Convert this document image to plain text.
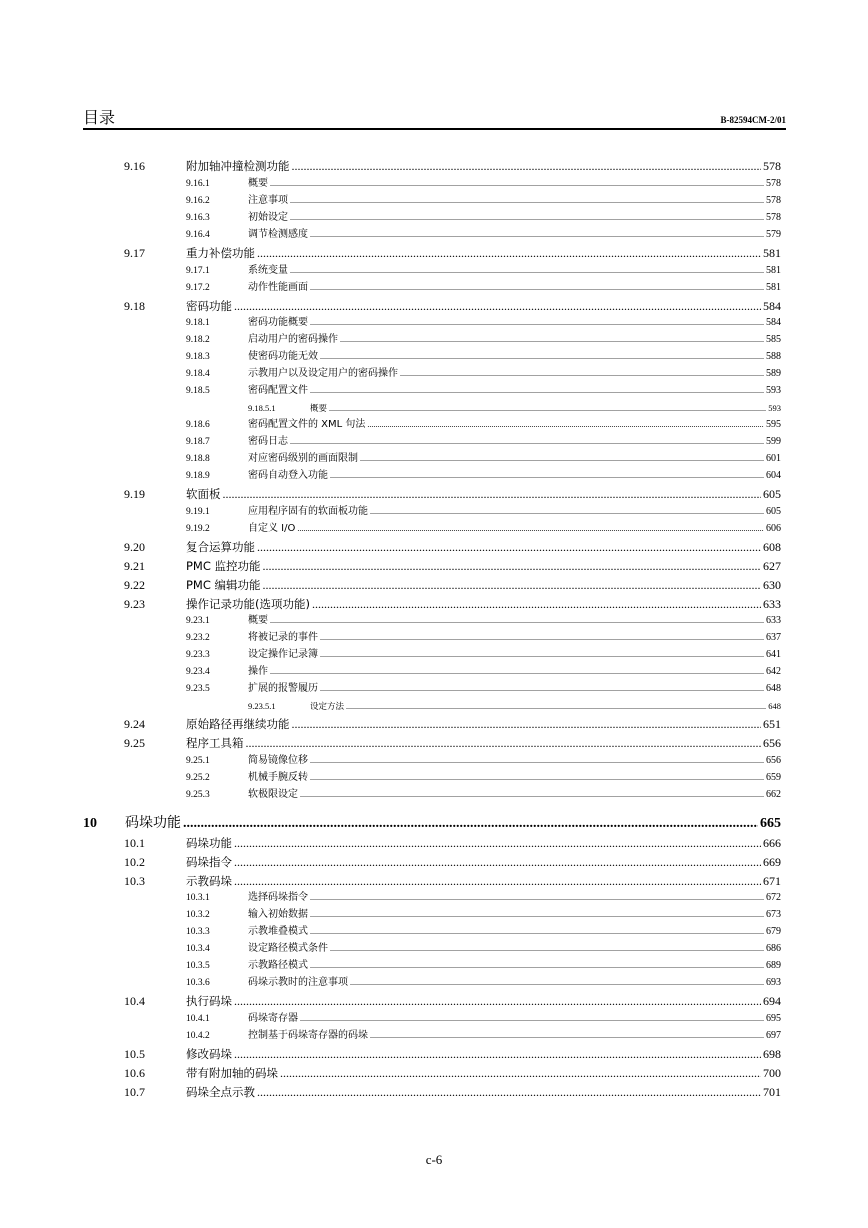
目录	B-82594CM-2/01
9.16	附加轴冲撞检测功能 .....	578
9.16.1	概要 .....	578
9.16.2	注意事项 .....	578
9.16.3	初始设定 .....	578
9.16.4	调节检测感度 .....	579
9.17	重力补偿功能 .....	581
9.17.1	系统变量 .....	581
9.17.2	动作性能画面 .....	581
9.18	密码功能 .....	584
9.18.1	密码功能概要 .....	584
9.18.2	启动用户的密码操作 .....	585
9.18.3	使密码功能无效 .....	588
9.18.4	示教用户以及设定用户的密码操作 .....	589
9.18.5	密码配置文件 .....	593
9.18.5.1	概要 .....	593
9.18.6	密码配置文件的 XML 句法 .....	595
9.18.7	密码日志 .....	599
9.18.8	对应密码级别的画面限制 .....	601
9.18.9	密码自动登入功能 .....	604
9.19	软面板 .....	605
9.19.1	应用程序固有的软面板功能 .....	605
9.19.2	自定义 I/O .....	606
9.20	复合运算功能 .....	608
9.21	PMC 监控功能 .....	627
9.22	PMC 编辑功能 .....	630
9.23	操作记录功能(选项功能) .....	633
9.23.1	概要 .....	633
9.23.2	将被记录的事件 .....	637
9.23.3	设定操作记录簿 .....	641
9.23.4	操作 .....	642
9.23.5	扩展的报警履历 .....	648
9.23.5.1	设定方法 .....	648
9.24	原始路径再继续功能 .....	651
9.25	程序工具箱 .....	656
9.25.1	简易镜像位移 .....	656
9.25.2	机械手腕反转 .....	659
9.25.3	软极限设定 .....	662
10	码垛功能 .....	665
10.1	码垛功能 .....	666
10.2	码垛指令 .....	669
10.3	示教码垛 .....	671
10.3.1	选择码垛指令 .....	672
10.3.2	输入初始数据 .....	673
10.3.3	示教堆叠模式 .....	679
10.3.4	设定路径模式条件 .....	686
10.3.5	示教路径模式 .....	689
10.3.6	码垛示教时的注意事项 .....	693
10.4	执行码垛 .....	694
10.4.1	码垛寄存器 .....	695
10.4.2	控制基于码垛寄存器的码垛 .....	697
10.5	修改码垛 .....	698
10.6	带有附加轴的码垛 .....	700
10.7	码垛全点示教 .....	701
c-6
